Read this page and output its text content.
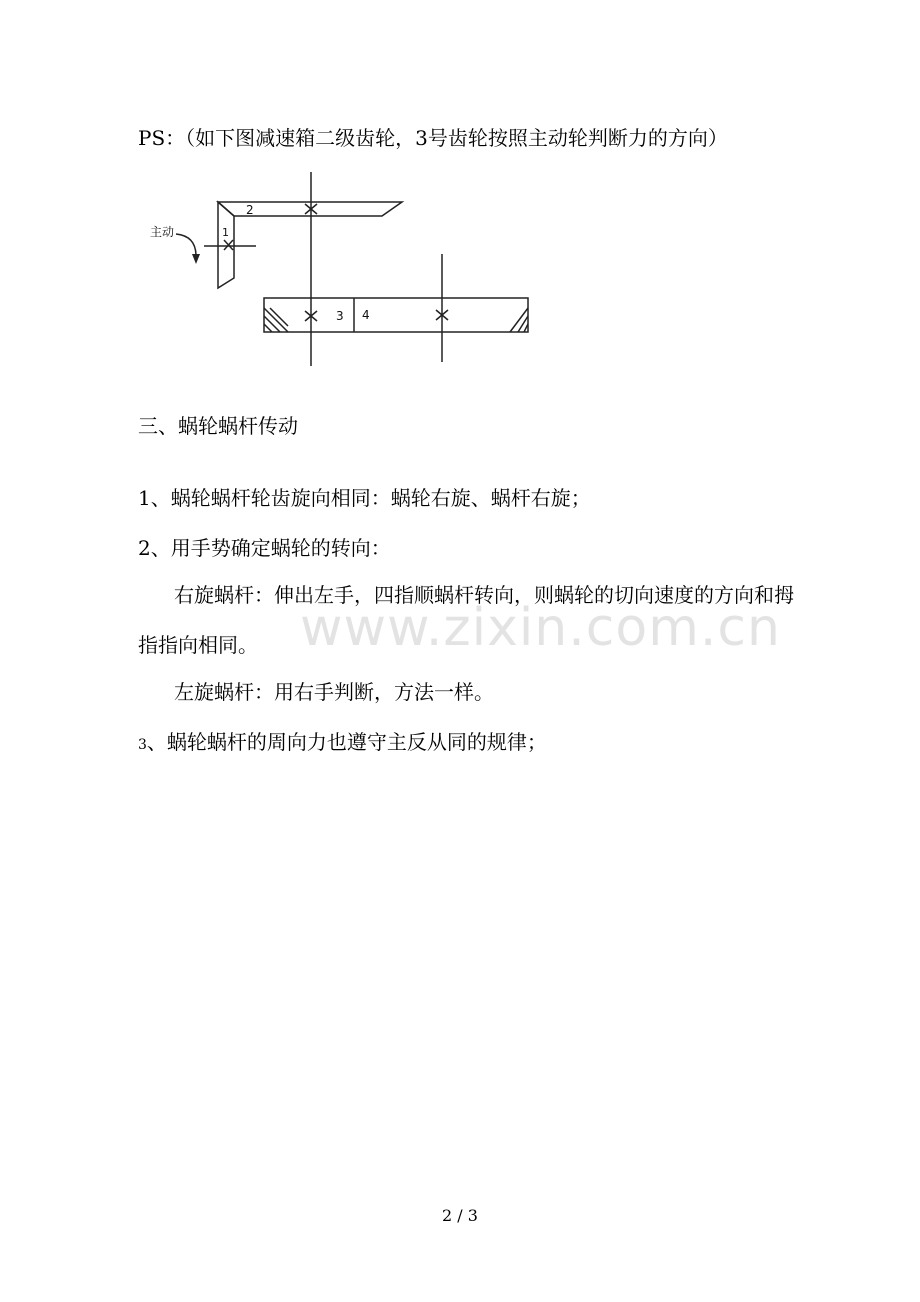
PS：（如下图减速箱二级齿轮，3号齿轮按照主动轮判断力的方向）
主动	1
2
3 4
三、蜗轮蜗杆传动
1、蜗轮蜗杆轮齿旋向相同：蜗轮右旋、蜗杆右旋；
2、用手势确定蜗轮的转向：
右旋蜗杆：伸出左手，四指顺蜗杆转向，则蜗轮的切向速度的方向和拇指指向相同。
左旋蜗杆：用右手判断，方法一样。
3、蜗轮蜗杆的周向力也遵守主反从同的规律；
www.zixin.com.cn
2 / 3
